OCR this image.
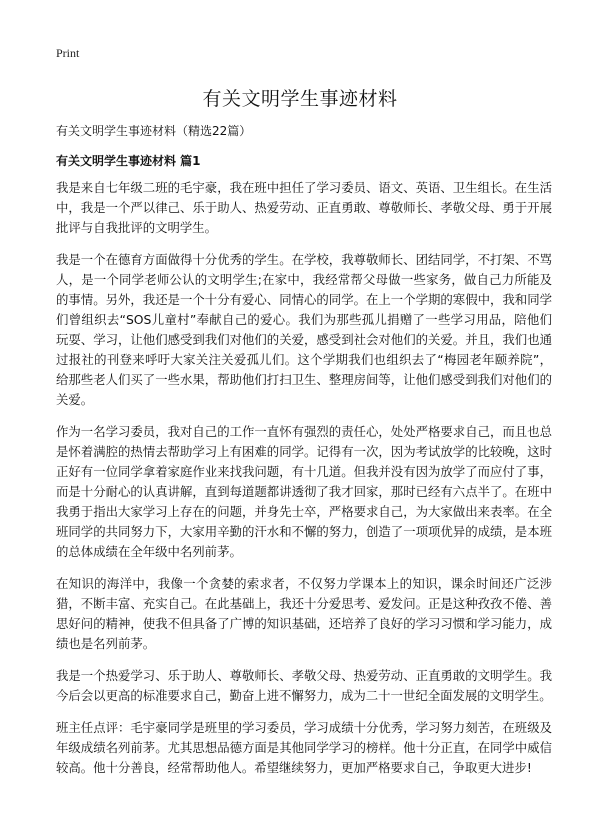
Print
有关文明学生事迹材料

有关文明学生事迹材料（精选22篇）

有关文明学生事迹材料 篇1

我是来自七年级二班的毛宇豪，我在班中担任了学习委员、语文、英语、卫生组长。在生活中，我是一个严以律己、乐于助人、热爱劳动、正直勇敢、尊敬师长、孝敬父母、勇于开展批评与自我批评的文明学生。

我是一个在德育方面做得十分优秀的学生。在学校，我尊敬师长、团结同学，不打架、不骂人，是一个同学老师公认的文明学生;在家中，我经常帮父母做一些家务，做自己力所能及的事情。另外，我还是一个十分有爱心、同情心的同学。在上一个学期的寒假中，我和同学们曾组织去“SOS儿童村”奉献自己的爱心。我们为那些孤儿捐赠了一些学习用品，陪他们玩耍、学习，让他们感受到我们对他们的关爱，感受到社会对他们的关爱。并且，我们也通过报社的刊登来呼吁大家关注关爱孤儿们。这个学期我们也组织去了“梅园老年颐养院”，给那些老人们买了一些水果，帮助他们打扫卫生、整理房间等，让他们感受到我们对他们的关爱。

作为一名学习委员，我对自己的工作一直怀有强烈的责任心，处处严格要求自己，而且也总是怀着满腔的热情去帮助学习上有困难的同学。记得有一次，因为考试放学的比较晚，这时正好有一位同学拿着家庭作业来找我问题，有十几道。但我并没有因为放学了而应付了事，而是十分耐心的认真讲解，直到每道题都讲透彻了我才回家，那时已经有六点半了。在班中我勇于指出大家学习上存在的问题，并身先士卒，严格要求自己，为大家做出来表率。在全班同学的共同努力下，大家用辛勤的汗水和不懈的努力，创造了一项项优异的成绩，是本班的总体成绩在全年级中名列前茅。

在知识的海洋中，我像一个贪婪的索求者，不仅努力学课本上的知识，课余时间还广泛涉猎，不断丰富、充实自己。在此基础上，我还十分爱思考、爱发问。正是这种孜孜不倦、善思好问的精神，使我不但具备了广博的知识基础，还培养了良好的学习习惯和学习能力，成绩也是名列前茅。

我是一个热爱学习、乐于助人、尊敬师长、孝敬父母、热爱劳动、正直勇敢的文明学生。我今后会以更高的标准要求自己，勤奋上进不懈努力，成为二十一世纪全面发展的文明学生。

班主任点评：毛宇豪同学是班里的学习委员，学习成绩十分优秀，学习努力刻苦，在班级及年级成绩名列前茅。尤其思想品德方面是其他同学学习的榜样。他十分正直，在同学中威信较高。他十分善良，经常帮助他人。希望继续努力，更加严格要求自己，争取更大进步!
